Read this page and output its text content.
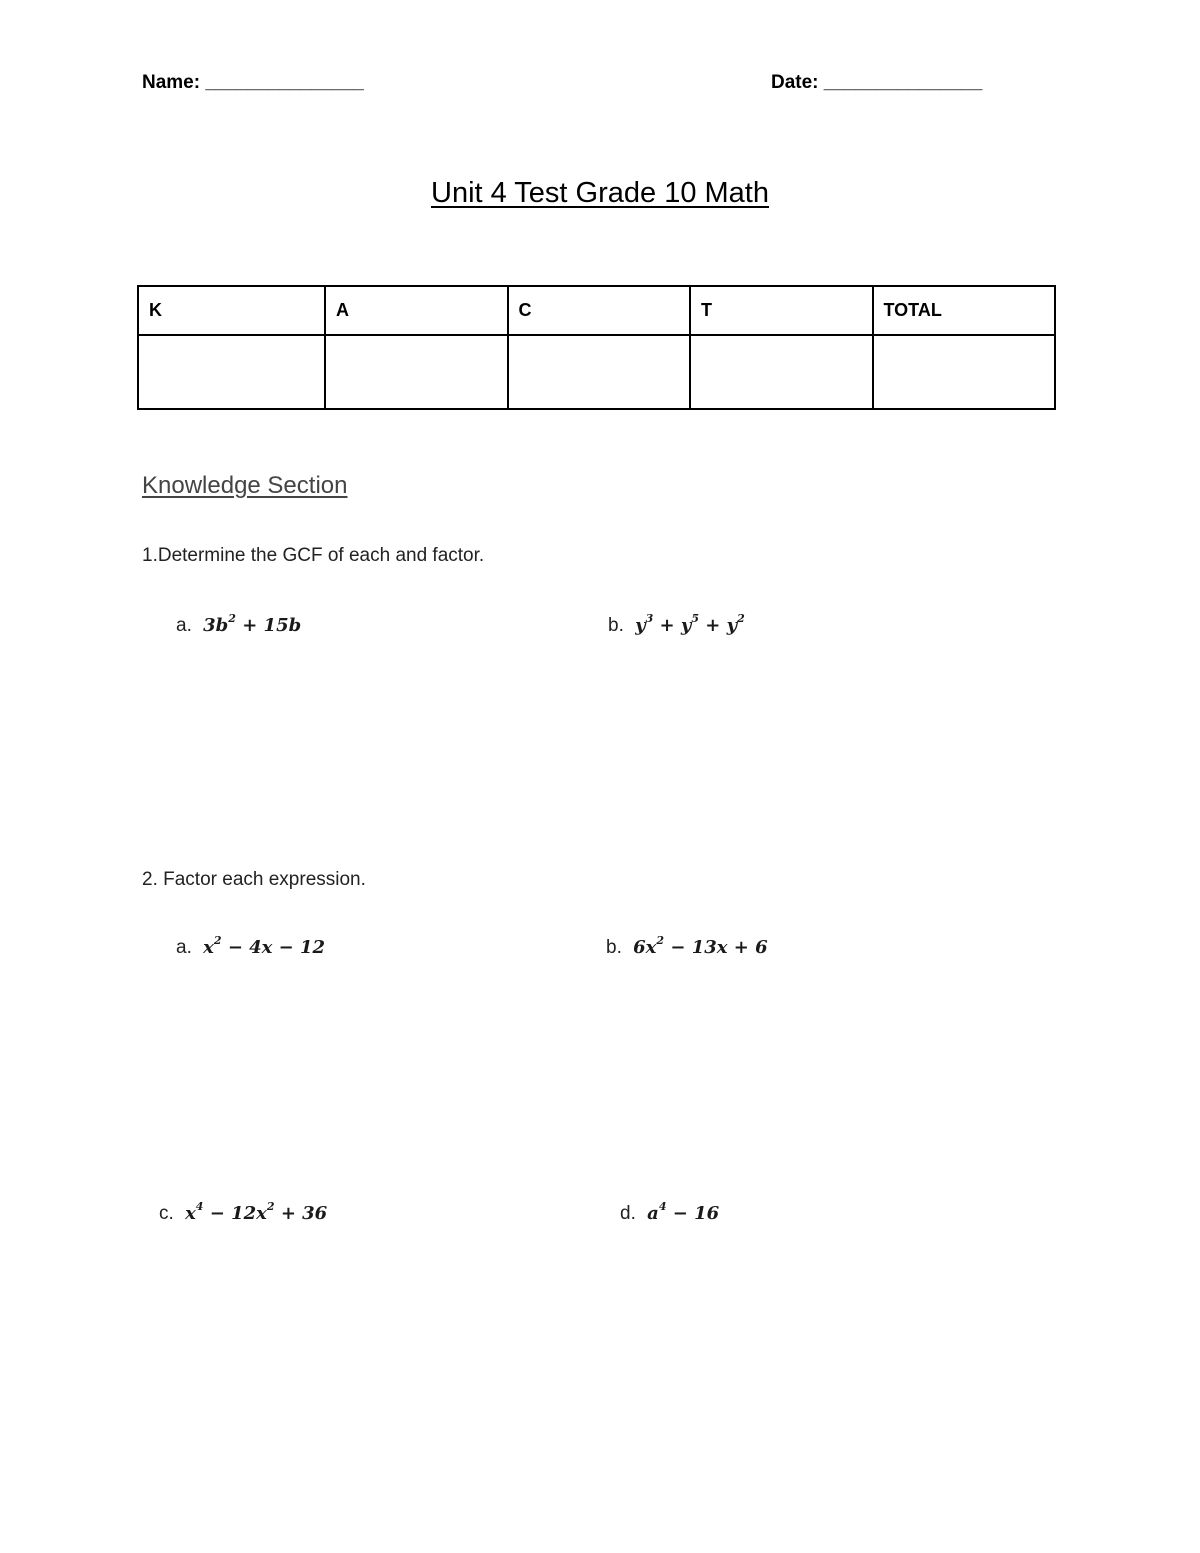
Name: _______________	Date: _______________
Unit 4 Test Grade 10 Math
K	A	C	T	TOTAL

Knowledge Section
1.Determine the GCF of each and factor.
a. $3b^2 + 15b$	b. $y^3 + y^5 + y^2$
2. Factor each expression.
a. $x^2 - 4x - 12$	b. $6x^2 - 13x + 6$
c. $x^4 - 12x^2 + 36$	d. $a^4 - 16$
